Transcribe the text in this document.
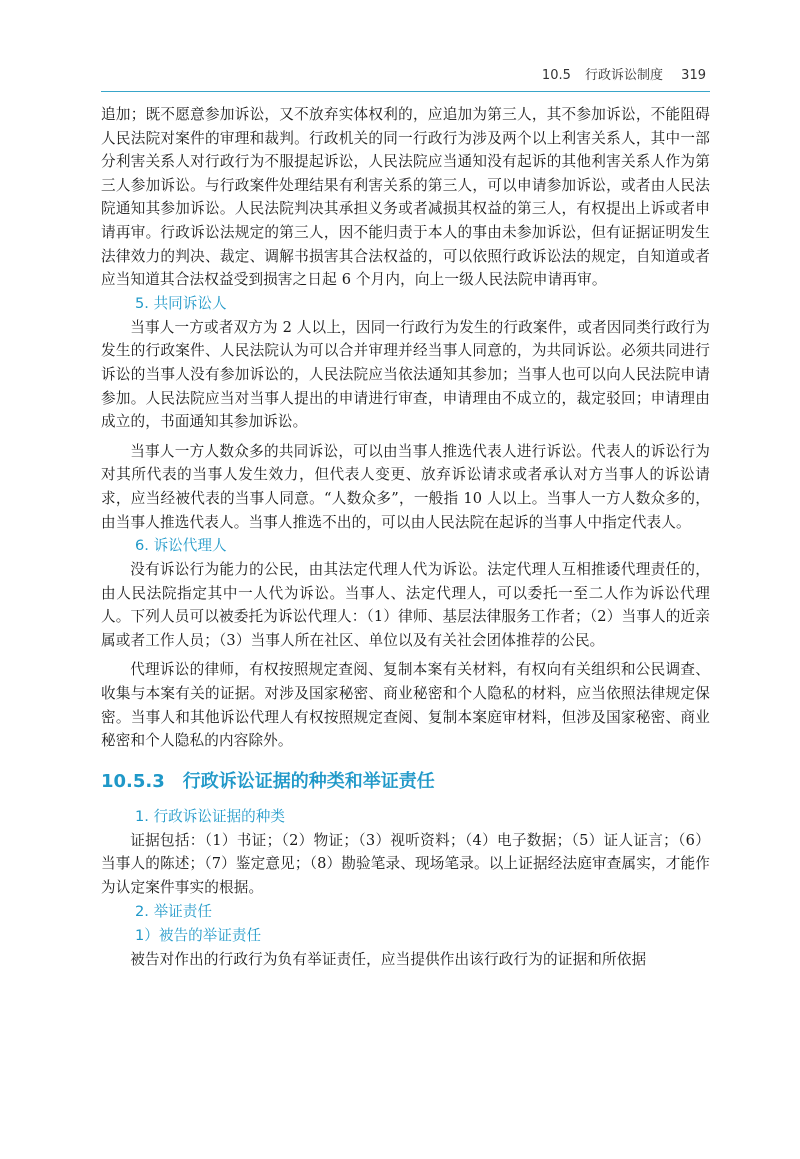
10.5 行政诉讼制度 319

追加；既不愿意参加诉讼，又不放弃实体权利的，应追加为第三人，其不参加诉讼，不能阻碍人民法院对案件的审理和裁判。行政机关的同一行政行为涉及两个以上利害关系人，其中一部分利害关系人对行政行为不服提起诉讼，人民法院应当通知没有起诉的其他利害关系人作为第三人参加诉讼。与行政案件处理结果有利害关系的第三人，可以申请参加诉讼，或者由人民法院通知其参加诉讼。人民法院判决其承担义务或者减损其权益的第三人，有权提出上诉或者申请再审。行政诉讼法规定的第三人，因不能归责于本人的事由未参加诉讼，但有证据证明发生法律效力的判决、裁定、调解书损害其合法权益的，可以依照行政诉讼法的规定，自知道或者应当知道其合法权益受到损害之日起 6 个月内，向上一级人民法院申请再审。

5. 共同诉讼人

当事人一方或者双方为 2 人以上，因同一行政行为发生的行政案件，或者因同类行政行为发生的行政案件、人民法院认为可以合并审理并经当事人同意的，为共同诉讼。必须共同进行诉讼的当事人没有参加诉讼的，人民法院应当依法通知其参加；当事人也可以向人民法院申请参加。人民法院应当对当事人提出的申请进行审查，申请理由不成立的，裁定驳回；申请理由成立的，书面通知其参加诉讼。

当事人一方人数众多的共同诉讼，可以由当事人推选代表人进行诉讼。代表人的诉讼行为对其所代表的当事人发生效力，但代表人变更、放弃诉讼请求或者承认对方当事人的诉讼请求，应当经被代表的当事人同意。“人数众多”，一般指 10 人以上。当事人一方人数众多的，由当事人推选代表人。当事人推选不出的，可以由人民法院在起诉的当事人中指定代表人。

6. 诉讼代理人

没有诉讼行为能力的公民，由其法定代理人代为诉讼。法定代理人互相推诿代理责任的，由人民法院指定其中一人代为诉讼。当事人、法定代理人，可以委托一至二人作为诉讼代理人。下列人员可以被委托为诉讼代理人：（1）律师、基层法律服务工作者；（2）当事人的近亲属或者工作人员；（3）当事人所在社区、单位以及有关社会团体推荐的公民。

代理诉讼的律师，有权按照规定查阅、复制本案有关材料，有权向有关组织和公民调查、收集与本案有关的证据。对涉及国家秘密、商业秘密和个人隐私的材料，应当依照法律规定保密。当事人和其他诉讼代理人有权按照规定查阅、复制本案庭审材料，但涉及国家秘密、商业秘密和个人隐私的内容除外。

10.5.3 行政诉讼证据的种类和举证责任
1. 行政诉讼证据的种类

证据包括：（1）书证；（2）物证；（3）视听资料；（4）电子数据；（5）证人证言；（6）当事人的陈述；（7）鉴定意见；（8）勘验笔录、现场笔录。以上证据经法庭审查属实，才能作为认定案件事实的根据。

2. 举证责任
1）被告的举证责任

被告对作出的行政行为负有举证责任，应当提供作出该行政行为的证据和所依据
